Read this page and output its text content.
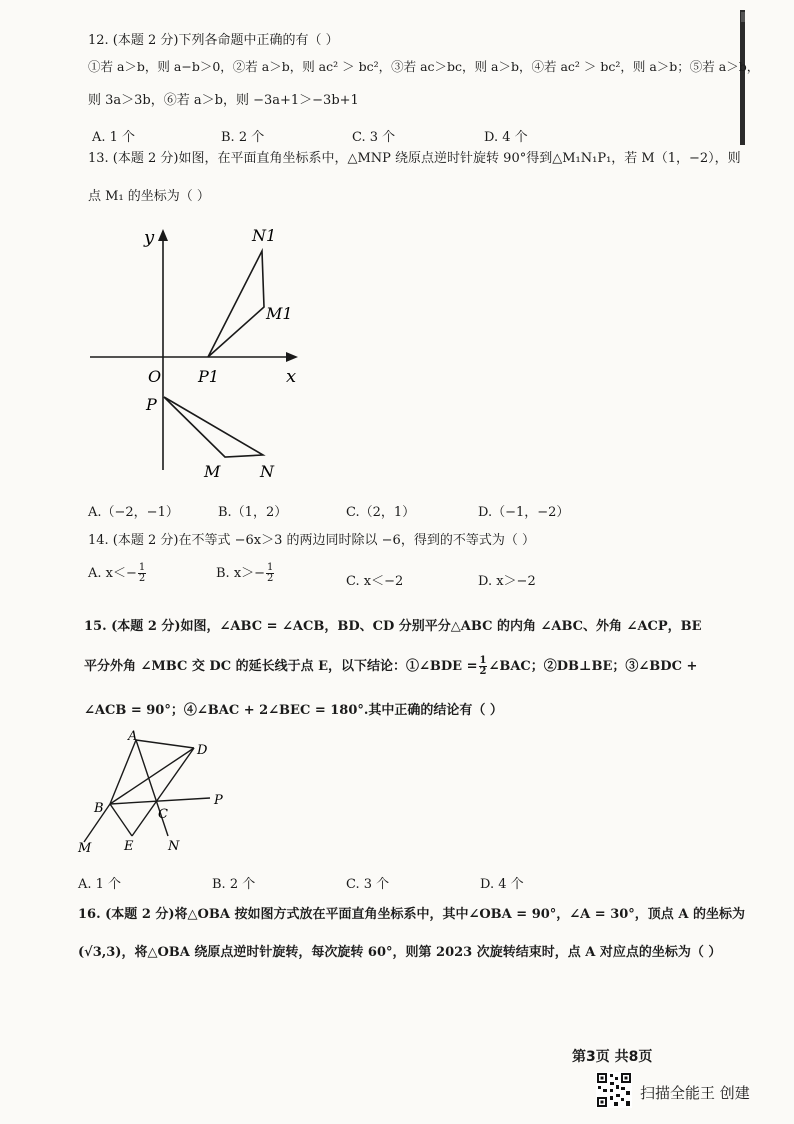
12. (本题 2 分)下列各命题中正确的有（ ）
①若 a＞b，则 a−b＞0，②若 a＞b，则 ac² ＞ bc²，③若 ac＞bc，则 a＞b，④若 ac² ＞ bc²，则 a＞b；⑤若 a＞b，
则 3a＞3b，⑥若 a＞b，则 −3a+1＞−3b+1
A. 1 个	B. 2 个	C. 3 个	D. 4 个
13. (本题 2 分)如图，在平面直角坐标系中，△MNP 绕原点逆时针旋转 90°得到△M₁N₁P₁，若 M（1，−2），则
点 M₁ 的坐标为（ ）
y
x
O P1
N1
M1
P
M N
A.（−2，−1）	B.（1，2）	C.（2，1）	D.（−1，−2）
14. (本题 2 分)在不等式 −6x＞3 的两边同时除以 −6，得到的不等式为（ ）
A. $x<- \frac{1}{2}$	B. $x>- \frac{1}{2}$	C. x＜−2	D. x＞−2
15. (本题 2 分)如图，∠ABC = ∠ACB，BD、CD 分别平分△ABC 的内角 ∠ABC、外角 ∠ACP，BE
平分外角 ∠MBC 交 DC 的延长线于点 E，以下结论：①∠BDE = $\frac{1}{2}$ ∠BAC；②DB⊥BE；③∠BDC +
∠ACB = 90°；④∠BAC + 2∠BEC = 180°.其中正确的结论有（ ）
A
D
B	C
P
M	E	N
A. 1 个	B. 2 个	C. 3 个	D. 4 个
16. (本题 2 分)将△OBA 按如图方式放在平面直角坐标系中，其中∠OBA = 90°，∠A = 30°，顶点 A 的坐标为
(√3,3)，将△OBA 绕原点逆时针旋转，每次旋转 60°，则第 2023 次旋转结束时，点 A 对应点的坐标为（ ）
第3页 共8页
扫描全能王 创建
